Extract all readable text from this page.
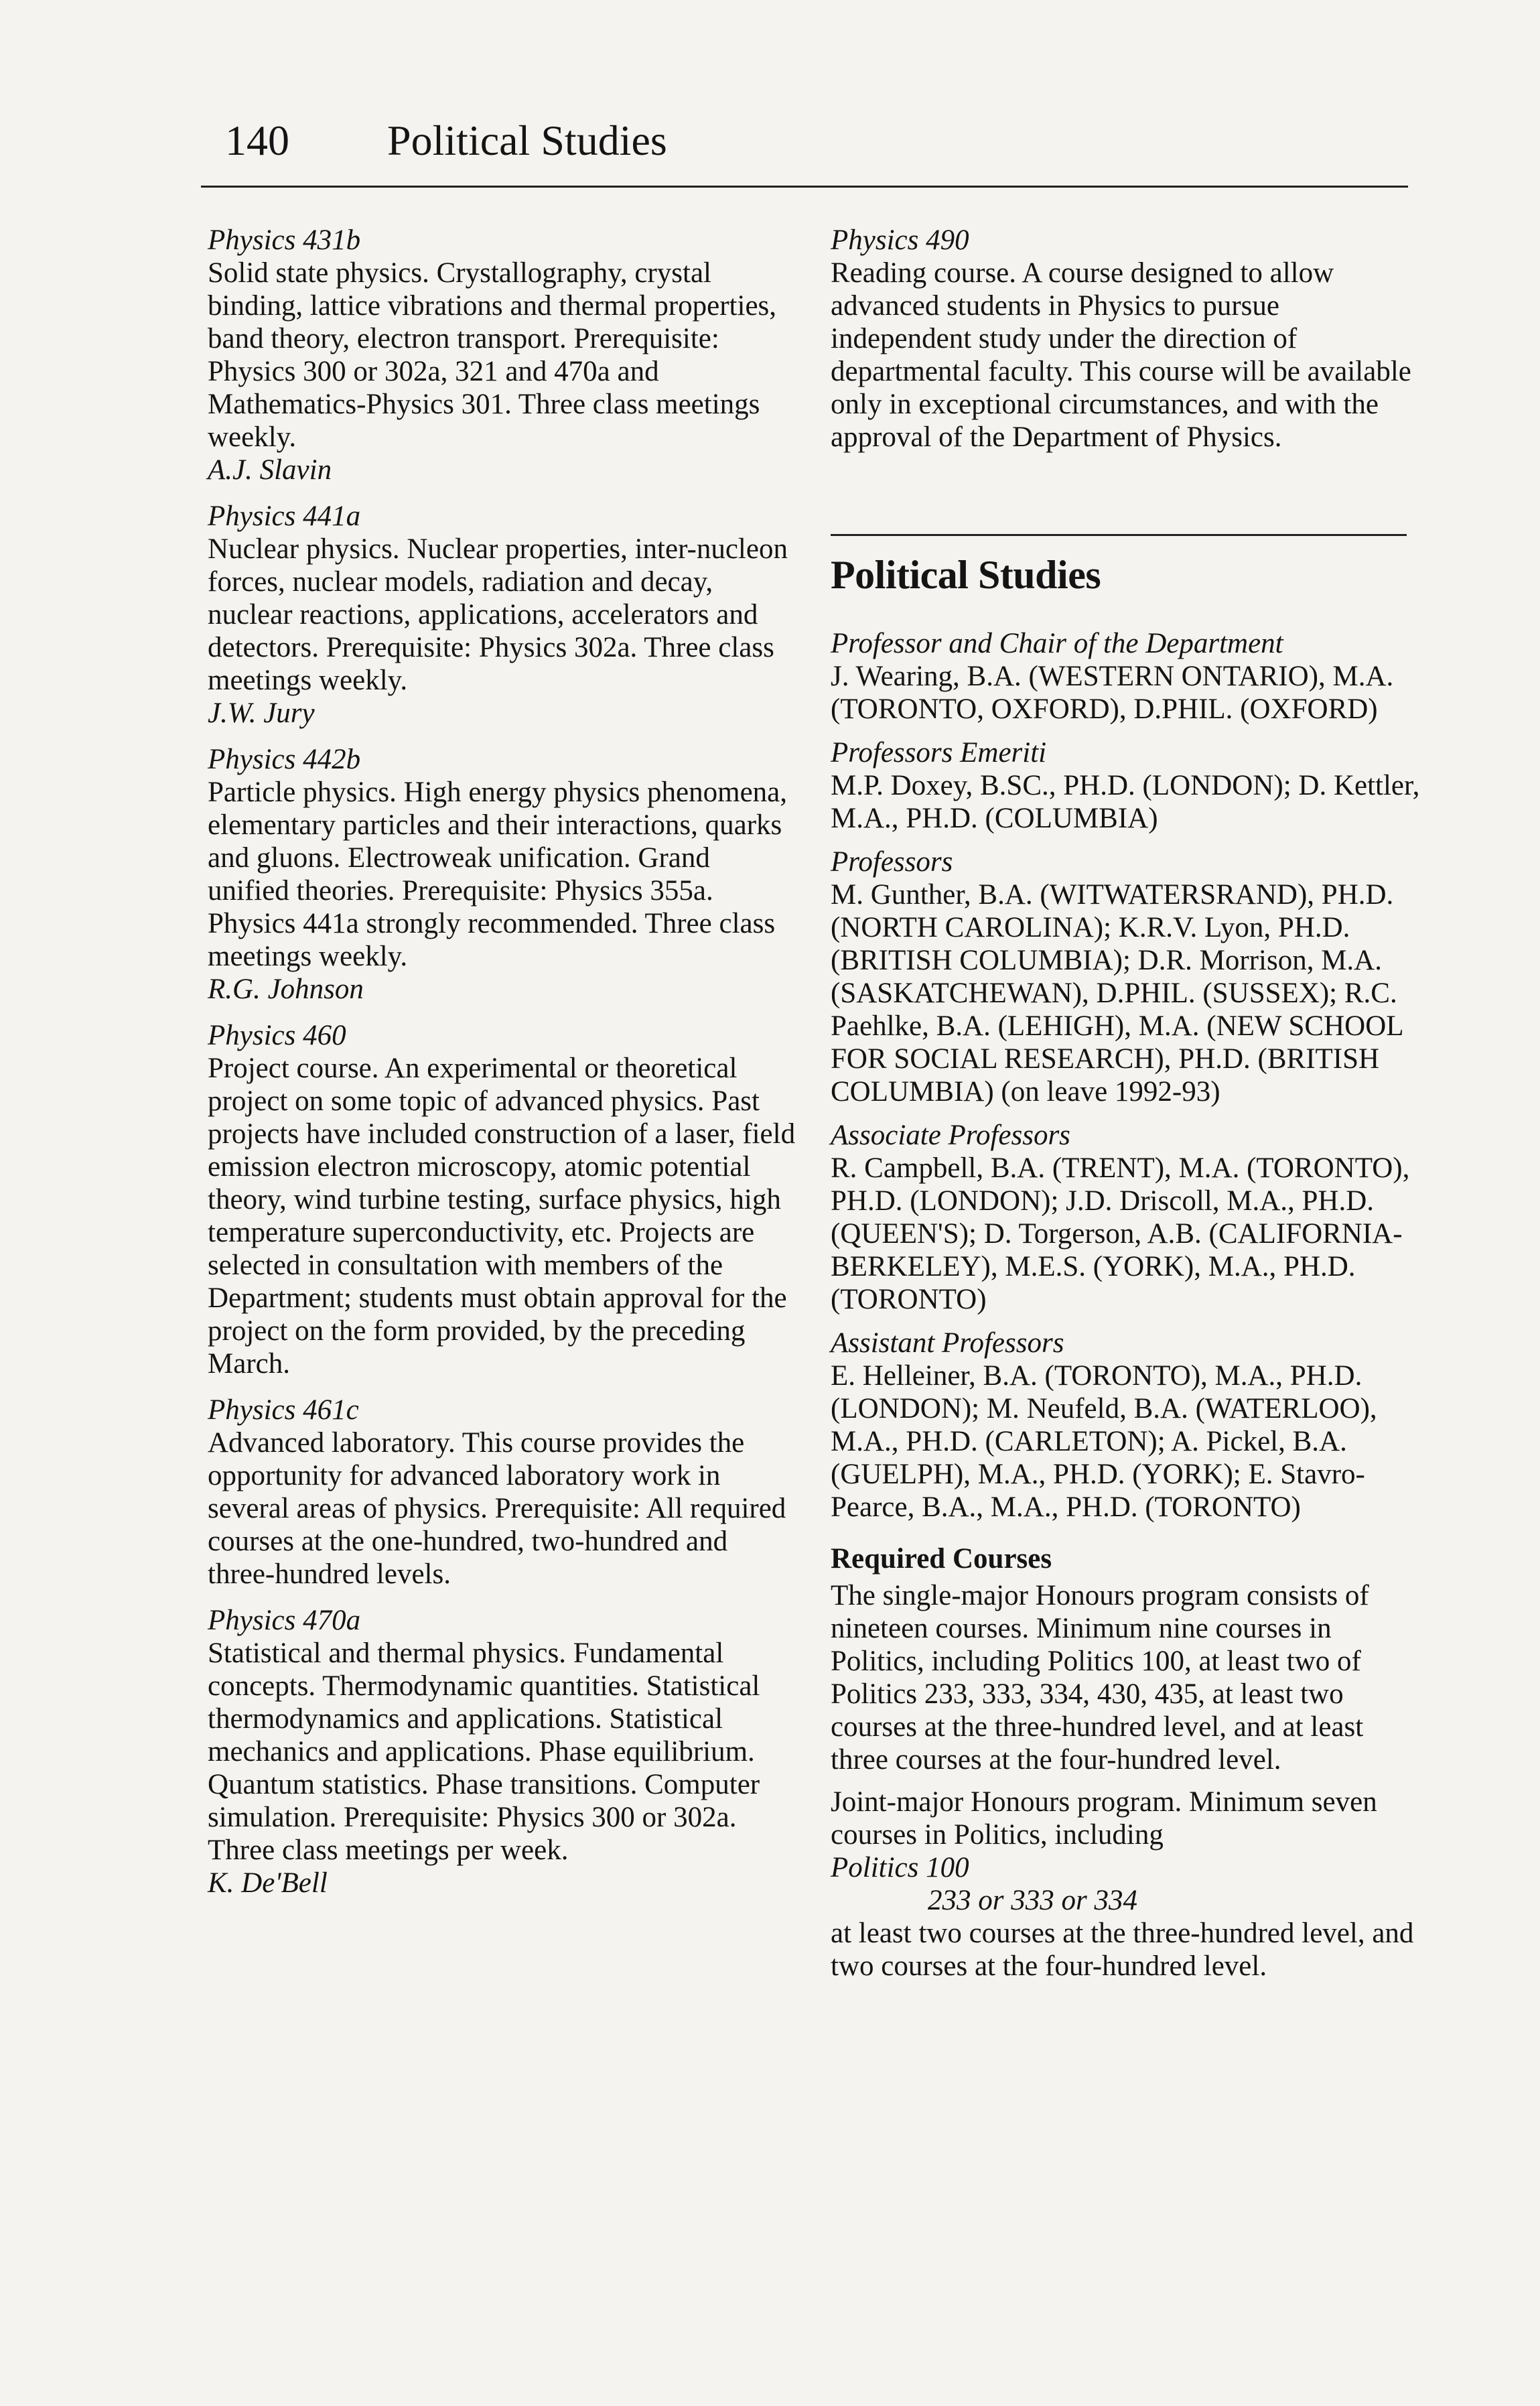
140 Political Studies
Physics 431b

Solid state physics. Crystallography, crystal binding, lattice vibrations and thermal properties, band theory, electron transport. Prerequisite: Physics 300 or 302a, 321 and 470a and Mathematics-Physics 301. Three class meetings weekly.

A.J. Slavin
Physics 441a

Nuclear physics. Nuclear properties, inter-nucleon forces, nuclear models, radiation and decay, nuclear reactions, applications, accelerators and detectors. Prerequisite: Physics 302a. Three class meetings weekly.

J.W. Jury
Physics 442b

Particle physics. High energy physics phenomena, elementary particles and their interactions, quarks and gluons. Electroweak unification. Grand unified theories. Prerequisite: Physics 355a. Physics 441a strongly recommended. Three class meetings weekly.

R.G. Johnson
Physics 460

Project course. An experimental or theoretical project on some topic of advanced physics. Past projects have included construction of a laser, field emission electron microscopy, atomic potential theory, wind turbine testing, surface physics, high temperature superconductivity, etc. Projects are selected in consultation with members of the Department; students must obtain approval for the project on the form provided, by the preceding March.

Physics 461c

Advanced laboratory. This course provides the opportunity for advanced laboratory work in several areas of physics. Prerequisite: All required courses at the one-hundred, two-hundred and three-hundred levels.

Physics 470a

Statistical and thermal physics. Fundamental concepts. Thermodynamic quantities. Statistical thermodynamics and applications. Statistical mechanics and applications. Phase equilibrium. Quantum statistics. Phase transitions. Computer simulation. Prerequisite: Physics 300 or 302a. Three class meetings per week.

K. De'Bell
Physics 490

Reading course. A course designed to allow advanced students in Physics to pursue independent study under the direction of departmental faculty. This course will be available only in exceptional circumstances, and with the approval of the Department of Physics.

Political Studies
Professor and Chair of the Department

J. Wearing, B.A. (WESTERN ONTARIO), M.A. (TORONTO, OXFORD), D.PHIL. (OXFORD)

Professors Emeriti

M.P. Doxey, B.SC., PH.D. (LONDON); D. Kettler, M.A., PH.D. (COLUMBIA)

Professors

M. Gunther, B.A. (WITWATERSRAND), PH.D. (NORTH CAROLINA); K.R.V. Lyon, PH.D. (BRITISH COLUMBIA); D.R. Morrison, M.A. (SASKATCHEWAN), D.PHIL. (SUSSEX); R.C. Paehlke, B.A. (LEHIGH), M.A. (NEW SCHOOL FOR SOCIAL RESEARCH), PH.D. (BRITISH COLUMBIA) (on leave 1992-93)

Associate Professors

R. Campbell, B.A. (TRENT), M.A. (TORONTO), PH.D. (LONDON); J.D. Driscoll, M.A., PH.D. (QUEEN'S); D. Torgerson, A.B. (CALIFORNIA-BERKELEY), M.E.S. (YORK), M.A., PH.D. (TORONTO)

Assistant Professors

E. Helleiner, B.A. (TORONTO), M.A., PH.D. (LONDON); M. Neufeld, B.A. (WATERLOO), M.A., PH.D. (CARLETON); A. Pickel, B.A. (GUELPH), M.A., PH.D. (YORK); E. Stavro-Pearce, B.A., M.A., PH.D. (TORONTO)

Required Courses

The single-major Honours program consists of nineteen courses. Minimum nine courses in Politics, including Politics 100, at least two of Politics 233, 333, 334, 430, 435, at least two courses at the three-hundred level, and at least three courses at the four-hundred level.

Joint-major Honours program. Minimum seven courses in Politics, including

Politics 100
233 or 333 or 334

at least two courses at the three-hundred level, and two courses at the four-hundred level.
